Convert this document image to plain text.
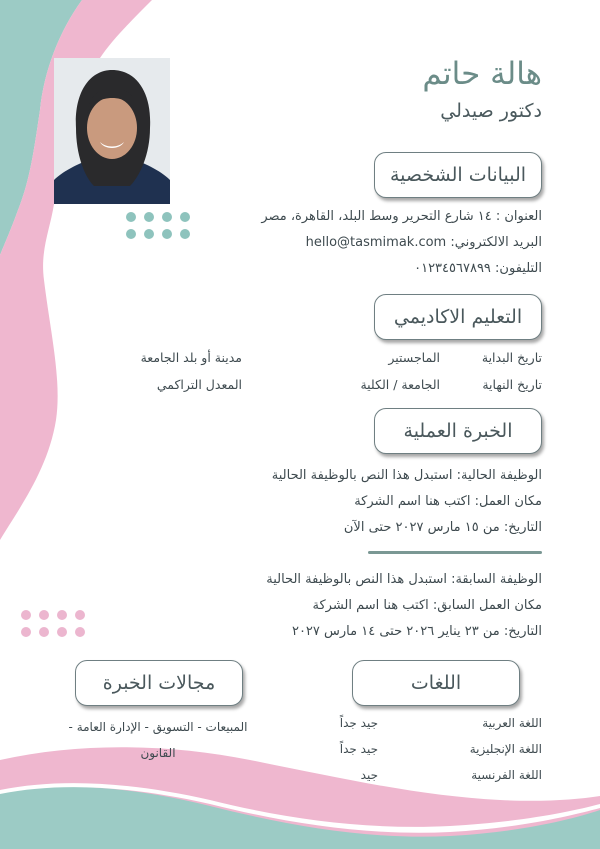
هالة حاتم
دكتور صيدلي
البيانات الشخصية
العنوان : ١٤ شارع التحرير وسط البلد، القاهرة، مصر
البريد الالكتروني: hello@tasmimak.com
التليفون: ٠١٢٣٤٥٦٧٨٩٩
التعليم الاكاديمي
تاريخ البداية
الماجستير
مدينة أو بلد الجامعة
تاريخ النهاية
الجامعة / الكلية
المعدل التراكمي
الخبرة العملية
الوظيفة الحالية: استبدل هذا النص بالوظيفة الحالية
مكان العمل: اكتب هنا اسم الشركة
التاريخ: من ١٥ مارس ٢٠٢٧ حتى الآن
الوظيفة السابقة: استبدل هذا النص بالوظيفة الحالية
مكان العمل السابق: اكتب هنا اسم الشركة
التاريخ: من ٢٣ يناير ٢٠٢٦ حتى ١٤ مارس ٢٠٢٧
اللغات
اللغة العربية
جيد جداً
اللغة الإنجليزية
جيد جداً
اللغة الفرنسية
جيد
مجالات الخبرة
المبيعات - التسويق - الإدارة العامة -
القانون
